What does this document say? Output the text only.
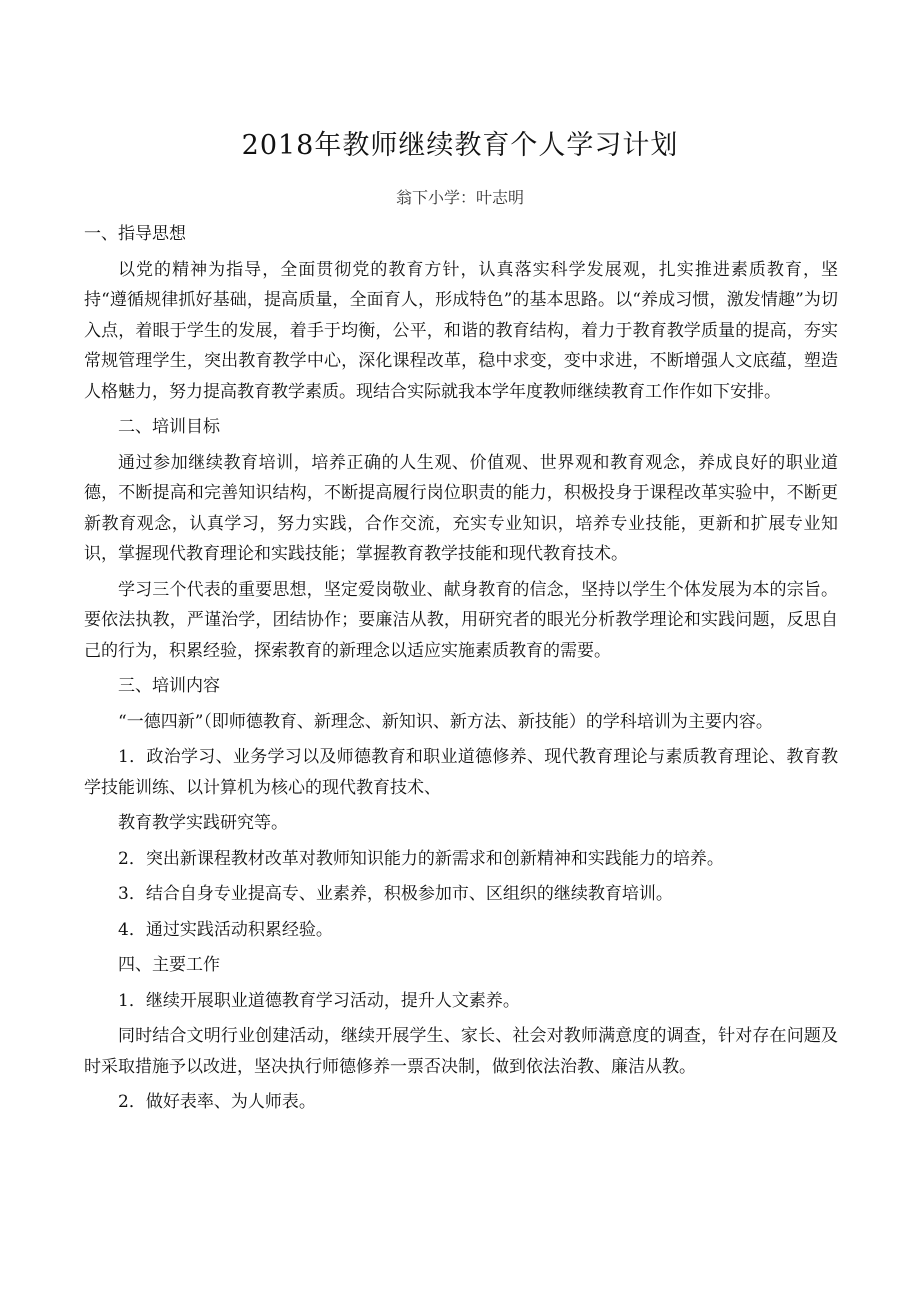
2018年教师继续教育个人学习计划
翁下小学：叶志明

一、指导思想

以党的精神为指导，全面贯彻党的教育方针，认真落实科学发展观，扎实推进素质教育，坚持“遵循规律抓好基础，提高质量，全面育人，形成特色”的基本思路。以“养成习惯，激发情趣”为切入点，着眼于学生的发展，着手于均衡，公平，和谐的教育结构，着力于教育教学质量的提高，夯实常规管理学生，突出教育教学中心，深化课程改革，稳中求变，变中求进，不断增强人文底蕴，塑造人格魅力，努力提高教育教学素质。现结合实际就我本学年度教师继续教育工作作如下安排。

二、培训目标

通过参加继续教育培训，培养正确的人生观、价值观、世界观和教育观念，养成良好的职业道德，不断提高和完善知识结构，不断提高履行岗位职责的能力，积极投身于课程改革实验中，不断更新教育观念，认真学习，努力实践，合作交流，充实专业知识，培养专业技能，更新和扩展专业知识，掌握现代教育理论和实践技能；掌握教育教学技能和现代教育技术。

学习三个代表的重要思想，坚定爱岗敬业、献身教育的信念，坚持以学生个体发展为本的宗旨。要依法执教，严谨治学，团结协作；要廉洁从教，用研究者的眼光分析教学理论和实践问题，反思自己的行为，积累经验，探索教育的新理念以适应实施素质教育的需要。

三、培训内容

“一德四新”（即师德教育、新理念、新知识、新方法、新技能）的学科培训为主要内容。

1．政治学习、业务学习以及师德教育和职业道德修养、现代教育理论与素质教育理论、教育教学技能训练、以计算机为核心的现代教育技术、

教育教学实践研究等。

2．突出新课程教材改革对教师知识能力的新需求和创新精神和实践能力的培养。

3．结合自身专业提高专、业素养，积极参加市、区组织的继续教育培训。

4．通过实践活动积累经验。

四、主要工作

1．继续开展职业道德教育学习活动，提升人文素养。

同时结合文明行业创建活动，继续开展学生、家长、社会对教师满意度的调查，针对存在问题及时采取措施予以改进，坚决执行师德修养一票否决制，做到依法治教、廉洁从教。

2．做好表率、为人师表。
